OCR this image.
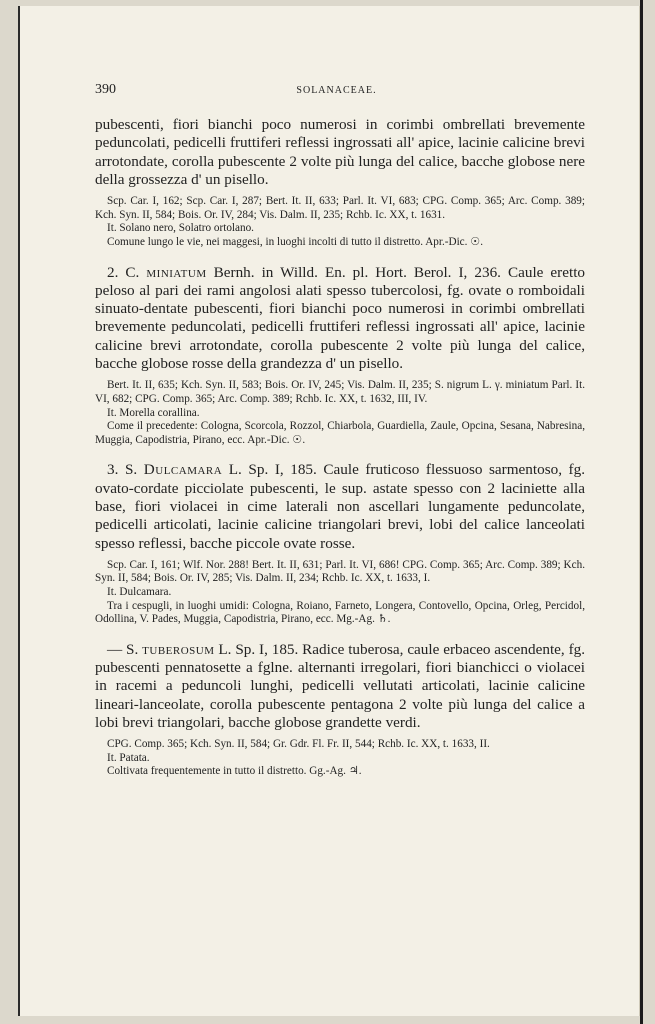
390	SOLANACEAE.

pubescenti, fiori bianchi poco numerosi in corimbi ombrellati brevemente peduncolati, pedicelli fruttiferi reflessi ingrossati all' apice, lacinie calicine brevi arrotondate, corolla pubescente 2 volte più lunga del calice, bacche globose nere della grossezza d' un pisello.

Scp. Car. I, 162; Scp. Car. I, 287; Bert. It. II, 633; Parl. It. VI, 683; CPG. Comp. 365; Arc. Comp. 389; Kch. Syn. II, 584; Bois. Or. IV, 284; Vis. Dalm. II, 235; Rchb. Ic. XX, t. 1631.

It. Solano nero, Solatro ortolano.

Comune lungo le vie, nei maggesi, in luoghi incolti di tutto il distretto. Apr.-Dic. ☉.

2. C. miniatum Bernh. in Willd. En. pl. Hort. Berol. I, 236. Caule eretto peloso al pari dei rami angolosi alati spesso tubercolosi, fg. ovate o romboidali sinuato-dentate pubescenti, fiori bianchi poco numerosi in corimbi ombrellati brevemente peduncolati, pedicelli fruttiferi reflessi ingrossati all' apice, lacinie calicine brevi arrotondate, corolla pubescente 2 volte più lunga del calice, bacche globose rosse della grandezza d' un pisello.

Bert. It. II, 635; Kch. Syn. II, 583; Bois. Or. IV, 245; Vis. Dalm. II, 235; S. nigrum L. γ. miniatum Parl. It. VI, 682; CPG. Comp. 365; Arc. Comp. 389; Rchb. Ic. XX, t. 1632, III, IV.

It. Morella corallina.

Come il precedente: Cologna, Scorcola, Rozzol, Chiarbola, Guardiella, Zaule, Opcina, Sesana, Nabresina, Muggia, Capodistria, Pirano, ecc. Apr.-Dic. ☉.

3. S. Dulcamara L. Sp. I, 185. Caule fruticoso flessuoso sarmentoso, fg. ovato-cordate picciolate pubescenti, le sup. astate spesso con 2 laciniette alla base, fiori violacei in cime laterali non ascellari lungamente peduncolate, pedicelli articolati, lacinie calicine triangolari brevi, lobi del calice lanceolati spesso reflessi, bacche piccole ovate rosse.

Scp. Car. I, 161; Wlf. Nor. 288! Bert. It. II, 631; Parl. It. VI, 686! CPG. Comp. 365; Arc. Comp. 389; Kch. Syn. II, 584; Bois. Or. IV, 285; Vis. Dalm. II, 234; Rchb. Ic. XX, t. 1633, I.

It. Dulcamara.

Tra i cespugli, in luoghi umidi: Cologna, Roiano, Farneto, Longera, Contovello, Opcina, Orleg, Percidol, Odollina, V. Pades, Muggia, Capodistria, Pirano, ecc. Mg.-Ag. ♄.

— S. tuberosum L. Sp. I, 185. Radice tuberosa, caule erbaceo ascendente, fg. pubescenti pennatosette a fglne. alternanti irregolari, fiori bianchicci o violacei in racemi a peduncoli lunghi, pedicelli vellutati articolati, lacinie calicine lineari-lanceolate, corolla pubescente pentagona 2 volte più lunga del calice a lobi brevi triangolari, bacche globose grandette verdi.

CPG. Comp. 365; Kch. Syn. II, 584; Gr. Gdr. Fl. Fr. II, 544; Rchb. Ic. XX, t. 1633, II.

It. Patata.

Coltivata frequentemente in tutto il distretto. Gg.-Ag. ♃.
